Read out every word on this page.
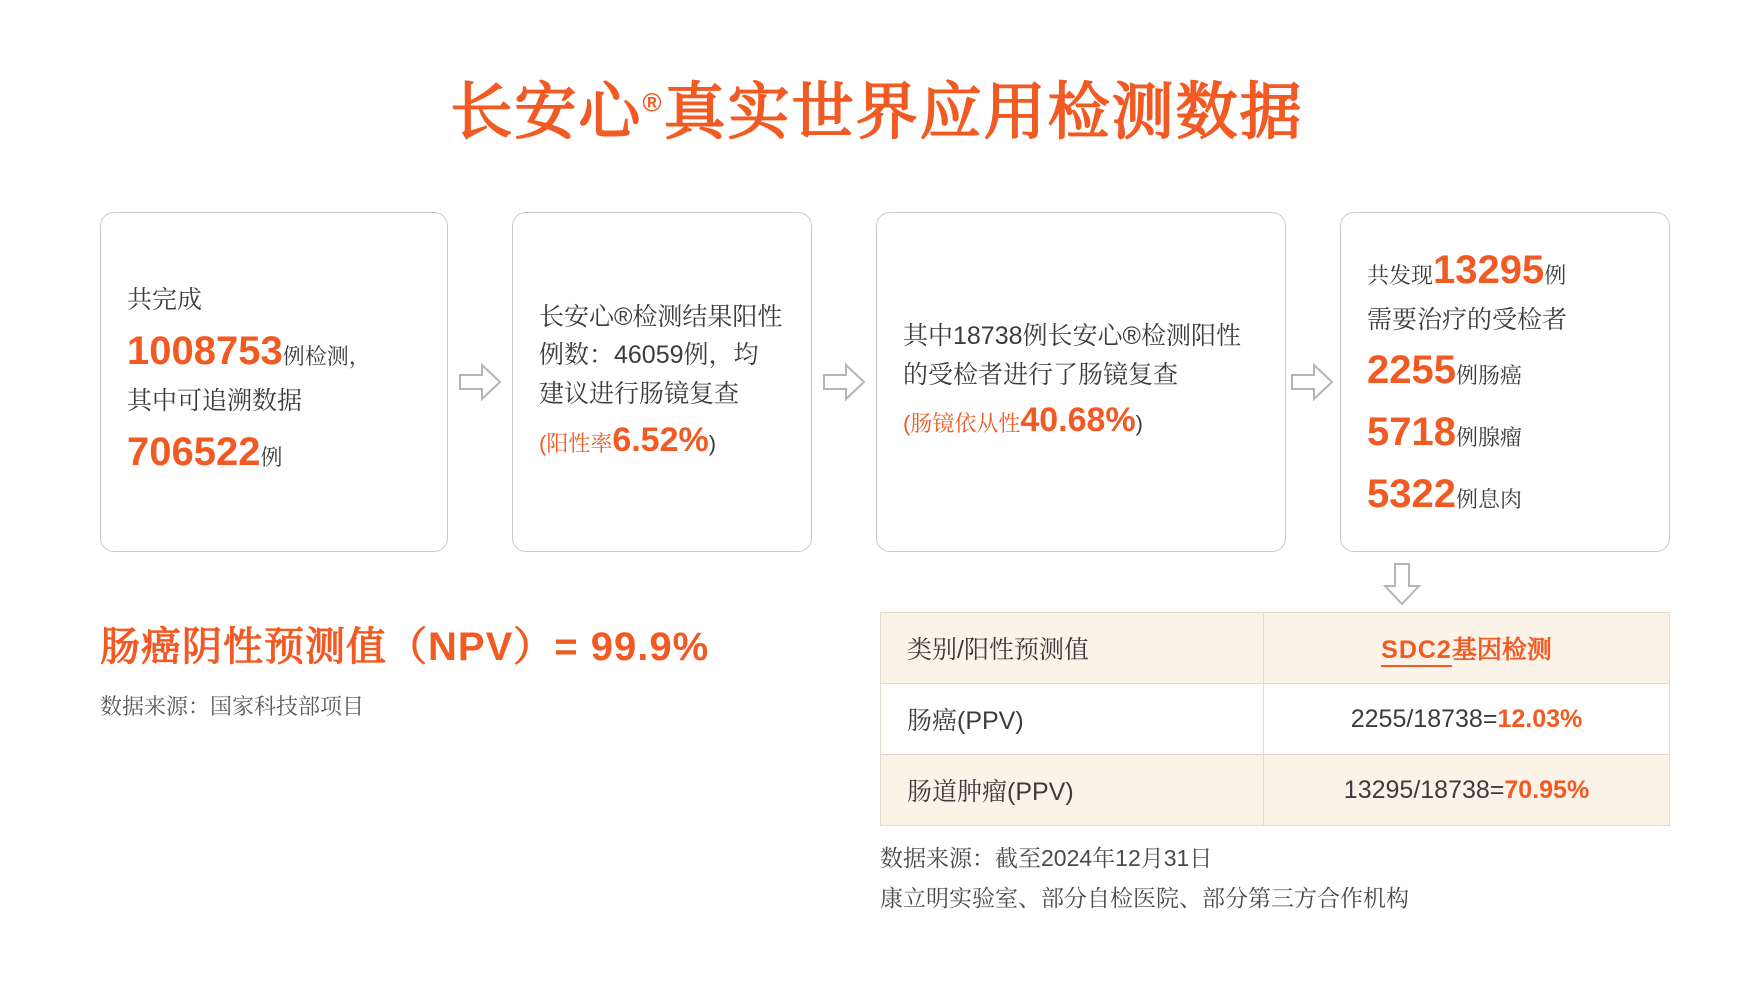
长安心®真实世界应用检测数据
共完成
1008753例检测，
其中可追溯数据
706522例
长安心®检测结果阳性
例数：46059例，均
建议进行肠镜复查
(阳性率6.52%)
其中18738例长安心®检测阳性
的受检者进行了肠镜复查
(肠镜依从性40.68%)
共发现13295例
需要治疗的受检者
2255例肠癌
5718例腺瘤
5322例息肉
肠癌阴性预测值（NPV）= 99.9%
数据来源：国家科技部项目
类别/阳性预测值	SDC2基因检测
肠癌(PPV)	2255/18738=12.03%
肠道肿瘤(PPV)	13295/18738=70.95%
数据来源：截至2024年12月31日
康立明实验室、部分自检医院、部分第三方合作机构
